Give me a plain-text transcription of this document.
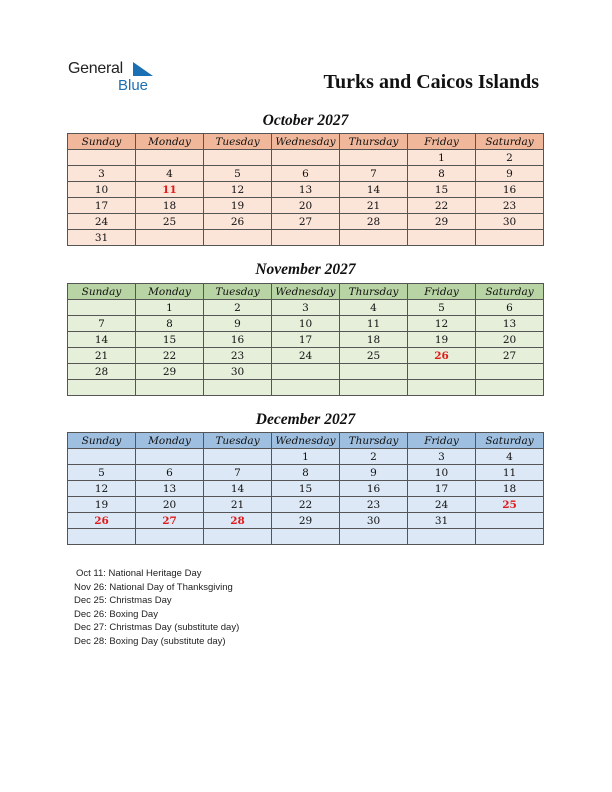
General
Blue	Turks and Caicos Islands
October 2027
Sunday	Monday	Tuesday	Wednesday	Thursday	Friday	Saturday
					1	2
3	4	5	6	7	8	9
10	11	12	13	14	15	16
17	18	19	20	21	22	23
24	25	26	27	28	29	30
31						
November 2027
Sunday	Monday	Tuesday	Wednesday	Thursday	Friday	Saturday
	1	2	3	4	5	6
7	8	9	10	11	12	13
14	15	16	17	18	19	20
21	22	23	24	25	26	27
28	29	30				

December 2027
Sunday	Monday	Tuesday	Wednesday	Thursday	Friday	Saturday
			1	2	3	4
5	6	7	8	9	10	11
12	13	14	15	16	17	18
19	20	21	22	23	24	25
26	27	28	29	30	31	

Oct 11: National Heritage Day
Nov 26: National Day of Thanksgiving
Dec 25: Christmas Day
Dec 26: Boxing Day
Dec 27: Christmas Day (substitute day)
Dec 28: Boxing Day (substitute day)
